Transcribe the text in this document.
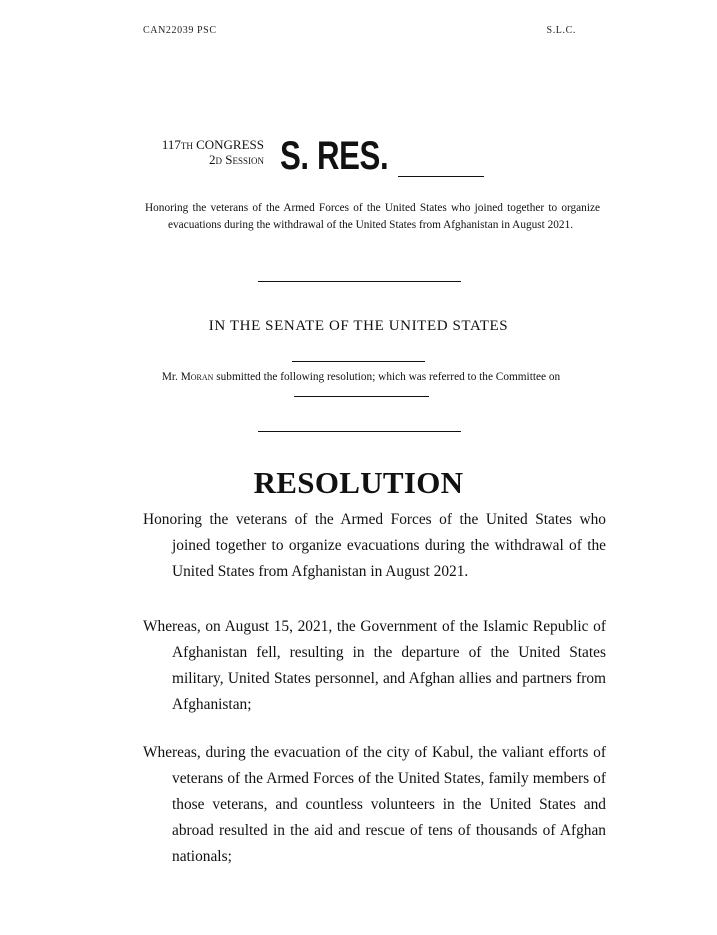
CAN22039 PSC	S.L.C.
117th CONGRESS
2d Session S. RES.
Honoring the veterans of the Armed Forces of the United States who joined together to organize evacuations during the withdrawal of the United States from Afghanistan in August 2021.
IN THE SENATE OF THE UNITED STATES
Mr. Moran submitted the following resolution; which was referred to the Committee on
RESOLUTION
Honoring the veterans of the Armed Forces of the United States who joined together to organize evacuations during the withdrawal of the United States from Afghanistan in August 2021.
Whereas, on August 15, 2021, the Government of the Islamic Republic of Afghanistan fell, resulting in the departure of the United States military, United States personnel, and Afghan allies and partners from Afghanistan;
Whereas, during the evacuation of the city of Kabul, the valiant efforts of veterans of the Armed Forces of the United States, family members of those veterans, and countless volunteers in the United States and abroad resulted in the aid and rescue of tens of thousands of Afghan nationals;
